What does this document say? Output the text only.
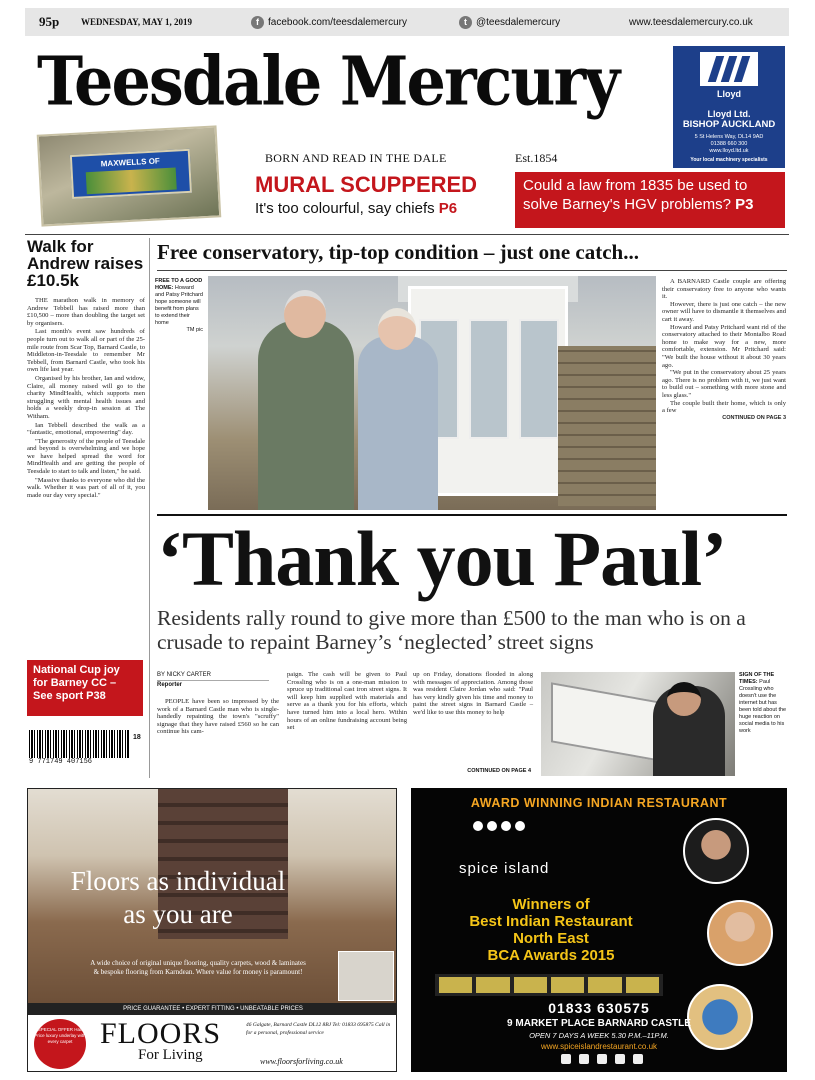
95p	WEDNESDAY, MAY 1, 2019	f facebook.com/teesdalemercury	t @teesdalemercury	www.teesdalemercury.co.uk
Teesdale Mercury	Lloyd
Lloyd Ltd.
BISHOP AUCKLAND
5 St Helens Way, DL14 9AD
01388 660 300
www.lloyd.ltd.uk
Your local machinery specialists
MAXWELLS OF	BORN AND READ IN THE DALE	Est.1854
MURAL SCUPPERED
It's too colourful, say chiefs P6
Could a law from 1835 be used to solve Barney's HGV problems? P3
Walk for Andrew raises £10.5k

THE marathon walk in memory of Andrew Tebbell has raised more than £10,500 – more than doubling the target set by organisers.

Last month's event saw hundreds of people turn out to walk all or part of the 25-mile route from Scar Top, Barnard Castle, to Middleton-in-Teesdale to remember Mr Tebbell, from Barnard Castle, who took his own life last year.

Organised by his brother, Ian and widow, Claire, all money raised will go to the charity MindHealth, which supports men struggling with mental health issues and holds a weekly drop-in session at The Witham.

Ian Tebbell described the walk as a "fantastic, emotional, empowering" day.

"The generosity of the people of Teesdale and beyond is overwhelming and we hope we have helped spread the word for MindHealth and are getting the people of Teesdale to start to talk and listen," he said.

"Massive thanks to everyone who did the walk. Whether it was part of all of it, you made our day very special."

National Cup joy for Barney CC – See sport P38
9 771749 407156
18
Free conservatory, tip-top condition – just one catch...
FREE TO A GOOD HOME: Howard and Patsy Pritchard hope someone will benefit from plans to extend their home
TM pic

A BARNARD Castle couple are offering their conservatory free to anyone who wants it.

However, there is just one catch – the new owner will have to dismantle it themselves and cart it away.

Howard and Patsy Pritchard want rid of the conservatory attached to their Montalbo Road home to make way for a new, more comfortable, extension. Mr Pritchard said: "We built the house without it about 30 years ago.

"We put in the conservatory about 25 years ago. There is no problem with it, we just want to build out – something with more stone and less glass."

The couple built their home, which is only a few

CONTINUED ON PAGE 3
‘Thank you Paul’
Residents rally round to give more than £500 to the man who is on a crusade to repaint Barney’s ‘neglected’ street signs
BY NICKY CARTER
Reporter

PEOPLE have been so impressed by the work of a Barnard Castle man who is single-handedly repainting the town's "scruffy" signage that they have raised £560 so he can continue his cam-

paign. The cash will be given to Paul Crossling who is on a one-man mission to spruce up traditional cast iron street signs. It will keep him supplied with materials and serve as a thank you for his efforts, which have turned him into a local hero. Within hours of an online fundraising account being set

up on Friday, donations flooded in along with messages of appreciation. Among those was resident Claire Jordan who said: "Paul has very kindly given his time and money to paint the street signs in Barnard Castle – we'd like to use this money to help

CONTINUED ON PAGE 4
SIGN OF THE TIMES: Paul Crossling who doesn't use the internet but has been told about the huge reaction on social media to his work
Floors as individual
as you are
A wide choice of original unique flooring, quality carpets, wood & laminates & bespoke flooring from Karndean. Where value for money is paramount!
PRICE GUARANTEE • EXPERT FITTING • UNBEATABLE PRICES
SPECIAL OFFER Half Price luxury underlay with every carpet FLOORS
For Living
46 Galgate, Barnard Castle DL12 8BJ Tel: 01833 695875 Call in for a personal, professional service
www.floorsforliving.co.uk
AWARD WINNING INDIAN RESTAURANT
spice island
Winners of
Best Indian Restaurant
North East
BCA Awards 2015
01833 630575
9 MARKET PLACE BARNARD CASTLE
OPEN 7 DAYS A WEEK 5.30 P.M.–11P.M.
www.spiceislandrestaurant.co.uk
